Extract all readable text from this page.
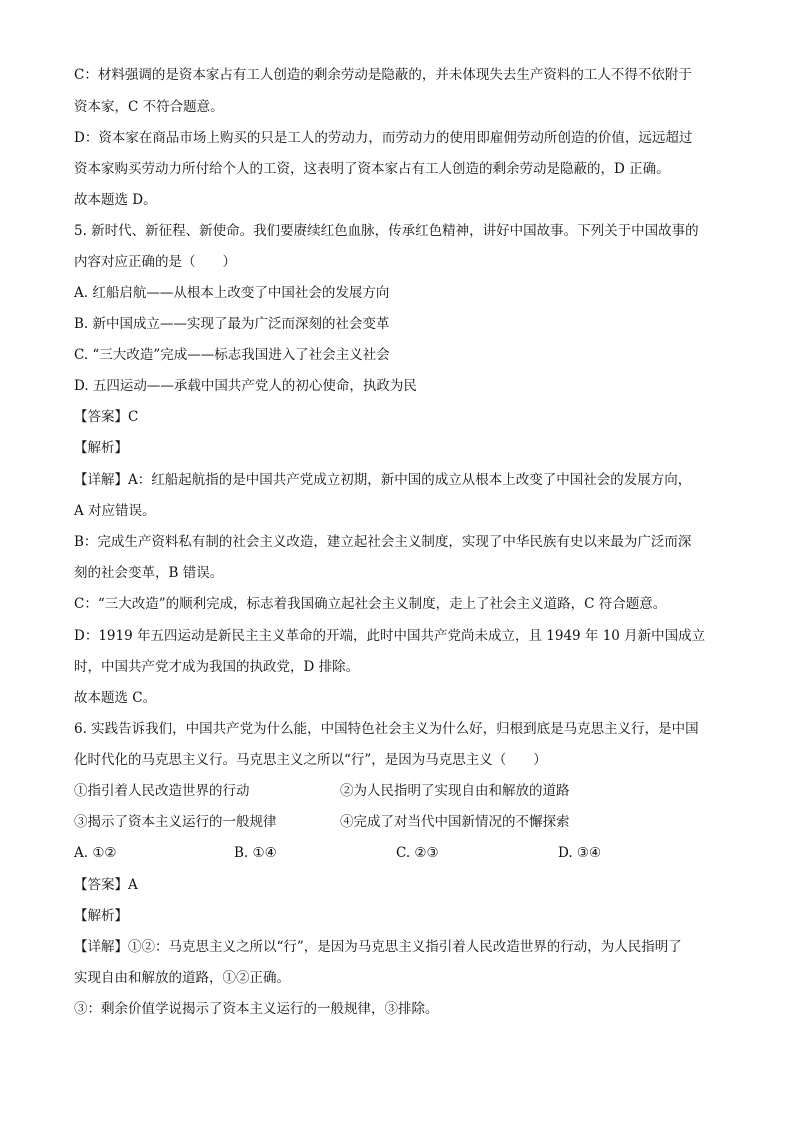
C：材料强调的是资本家占有工人创造的剩余劳动是隐蔽的，并未体现失去生产资料的工人不得不依附于
资本家，C 不符合题意。
D：资本家在商品市场上购买的只是工人的劳动力，而劳动力的使用即雇佣劳动所创造的价值，远远超过
资本家购买劳动力所付给个人的工资，这表明了资本家占有工人创造的剩余劳动是隐蔽的，D 正确。
故本题选 D。
5. 新时代、新征程、新使命。我们要赓续红色血脉，传承红色精神，讲好中国故事。下列关于中国故事的
内容对应正确的是（　　）
A. 红船启航——从根本上改变了中国社会的发展方向
B. 新中国成立——实现了最为广泛而深刻的社会变革
C. “三大改造”完成——标志我国进入了社会主义社会
D. 五四运动——承载中国共产党人的初心使命，执政为民
【答案】C
【解析】
【详解】A：红船起航指的是中国共产党成立初期，新中国的成立从根本上改变了中国社会的发展方向，
A 对应错误。
B：完成生产资料私有制的社会主义改造，建立起社会主义制度，实现了中华民族有史以来最为广泛而深
刻的社会变革，B 错误。
C：“三大改造”的顺利完成，标志着我国确立起社会主义制度，走上了社会主义道路，C 符合题意。
D：1919 年五四运动是新民主主义革命的开端，此时中国共产党尚未成立，且 1949 年 10 月新中国成立
时，中国共产党才成为我国的执政党，D 排除。
故本题选 C。
6. 实践告诉我们，中国共产党为什么能，中国特色社会主义为什么好，归根到底是马克思主义行，是中国
化时代化的马克思主义行。马克思主义之所以“行”，是因为马克思主义（　　）
①指引着人民改造世界的行动	②为人民指明了实现自由和解放的道路
③揭示了资本主义运行的一般规律	④完成了对当代中国新情况的不懈探索
A. ①②	B. ①④	C. ②③	D. ③④
【答案】A
【解析】
【详解】①②：马克思主义之所以“行”，是因为马克思主义指引着人民改造世界的行动，为人民指明了
实现自由和解放的道路，①②正确。
③：剩余价值学说揭示了资本主义运行的一般规律，③排除。
